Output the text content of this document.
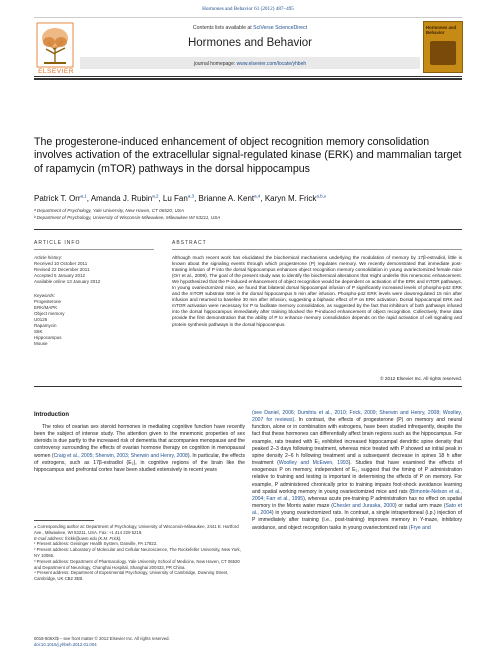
Hormones and Behavior 61 (2012) 487–495
ELSEVIER
Contents lists available at SciVerse ScienceDirect
Hormones and Behavior
journal homepage: www.elsevier.com/locate/yhbeh
Hormones and Behavior
The progesterone-induced enhancement of object recognition memory consolidation involves activation of the extracellular signal-regulated kinase (ERK) and mammalian target of rapamycin (mTOR) pathways in the dorsal hippocampus
Patrick T. Orr$^{a,1}$, Amanda J. Rubin$^{a,2}$, Lu Fan$^{a,3}$, Brianne A. Kent$^{a,4}$, Karyn M. Frick$^{a,b,⁎}$
ᵃ Department of Psychology, Yale University, New Haven, CT 06520, USA
ᵇ Department of Psychology, University of Wisconsin-Milwaukee, Milwaukee WI 53211, USA
ARTICLE INFO	ABSTRACT
Article history:
Received 10 October 2011
Revised 22 December 2011
Accepted 5 January 2012
Available online 13 January 2012
Keywords:
Progesterone
ERK/MAPK
Object memory
U0126
Rapamycin
S6K
Hippocampus
Mouse
Although much recent work has elucidated the biochemical mechanisms underlying the modulation of memory by 17β-estradiol, little is known about the signaling events through which progesterone (P) regulates memory. We recently demonstrated that immediate post-training infusion of P into the dorsal hippocampus enhances object recognition memory consolidation in young ovariectomized female mice (Orr et al., 2009). The goal of the present study was to identify the biochemical alterations that might underlie this mnemonic enhancement. We hypothesized that the P-induced enhancement of object recognition would be dependent on activation of the ERK and mTOR pathways. In young ovariectomized mice, we found that bilateral dorsal hippocampal infusion of P significantly increased levels of phospho-p42 ERK and the mTOR substrate S6K in the dorsal hippocampus 5 min after infusion. Phospho-p42 ERK levels were downregulated 15 min after infusion and returned to baseline 30 min after infusion, suggesting a biphasic effect of P on ERK activation. Dorsal hippocampal ERK and mTOR activation were necessary for P to facilitate memory consolidation, as suggested by the fact that inhibitors of both pathways infused into the dorsal hippocampus immediately after training blocked the P-induced enhancement of object recognition. Collectively, these data provide the first demonstration that the ability of P to enhance memory consolidation depends on the rapid activation of cell signaling and protein synthesis pathways in the dorsal hippocampus.
© 2012 Elsevier Inc. All rights reserved.
Introduction
The roles of ovarian sex steroid hormones in mediating cognitive function have recently been the subject of intense study. The attention given to the mnemonic properties of sex steroids is due partly to the increased risk of dementia that accompanies menopause and the controversy surrounding the effects of ovarian hormone therapy on cognition in menopausal women (Craig et al., 2005; Sherwin, 2003; Sherwin and Henry, 2008). In particular, the effects of estrogens, such as 17β-estradiol (E₂), in cognitive regions of the brain like the hippocampus and prefrontal cortex have been studied extensively in recent years
⁎ Corresponding author at: Department of Psychology, University of Wisconsin-Milwaukee, 2441 E. Hartford Ave., Milwaukee, WI 53211, USA. Fax: +1 414 229 5219.
E-mail address: frickk@uwm.edu (K.M. Frick).
¹ Present address: Geisinger Health System, Danville, PA 17822.
² Present address: Laboratory of Molecular and Cellular Neuroscience, The Rockefeller University, New York, NY 10065.
³ Present address: Department of Pharmacology, Yale University School of Medicine, New Haven, CT 06520 and Department of Neurology, Changhai Hospital, Shanghai 200433, PR China.
⁴ Present address: Department of Experimental Psychology, University of Cambridge, Downing Street, Cambridge, UK CB2 3EB.
0018-506X/$ – see front matter © 2012 Elsevier Inc. All rights reserved.
doi:10.1016/j.yhbeh.2012.01.004
(see Daniel, 2006; Dumitriu et al., 2010; Frick, 2009; Sherwin and Henry, 2008; Woolley, 2007 for reviews). In contrast, the effects of progesterone (P) on memory and neural function, alone or in combination with estrogens, have been studied infrequently, despite the fact that these hormones can differentially affect brain regions such as the hippocampus. For example, rats treated with E₂ exhibited increased hippocampal dendritic spine density that peaked 2–3 days following treatment, whereas mice treated with P showed an initial peak in spine density 2–6 h following treatment and a subsequent decrease in spines 18 h after treatment (Woolley and McEwen, 1993). Studies that have examined the effects of exogenous P on memory, independent of E₂, suggest that the timing of P administration relative to training and testing is important in determining the effects of P on memory. For example, P administered chronically prior to training impairs foot-shock avoidance learning and spatial working memory in young ovariectomized mice and rats (Bimonte-Nelson et al., 2004; Farr et al., 1995), whereas acute pre-training P administration has no effect on spatial memory in the Morris water maze (Chesler and Juraska, 2000) or radial arm maze (Sato et al., 2004) in young ovariectomized rats. In contrast, a single intraperitoneal (i.p.) injection of P immediately after training (i.e., post-training) improves memory in Y-maze, inhibitory avoidance, and object recognition tasks in young ovariectomized rats (Frye and
